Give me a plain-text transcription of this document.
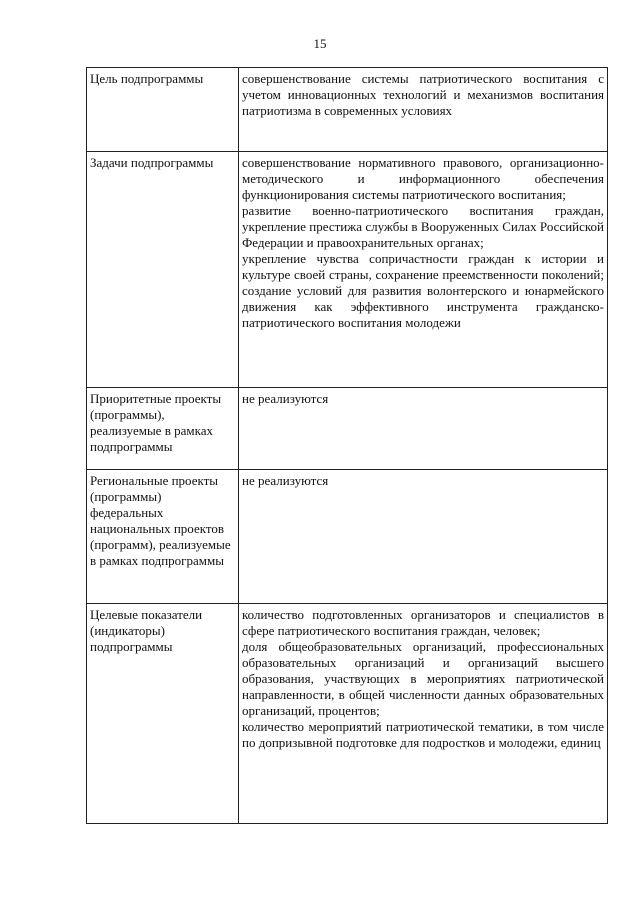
15
Цель подпрограммы	совершенствование системы патриотического воспитания с учетом инновационных технологий и механизмов воспитания патриотизма в современных условиях

Задачи подпрограммы	совершенствование нормативного правового, организационно-методического и информационного обеспечения функционирования системы патриотического воспитания;
развитие военно-патриотического воспитания граждан, укрепление престижа службы в Вооруженных Силах Российской Федерации и правоохранительных органах;
укрепление чувства сопричастности граждан к истории и культуре своей страны, сохранение преемственности поколений; создание условий для развития волонтерского и юнармейского движения как эффективного инструмента гражданско-патриотического воспитания молодежи

Приоритетные проекты (программы), реализуемые в рамках подпрограммы	не реализуются

Региональные проекты (программы) федеральных национальных проектов (программ), реализуемые в рамках подпрограммы	не реализуются

Целевые показатели (индикаторы) подпрограммы	количество подготовленных организаторов и специалистов в сфере патриотического воспитания граждан, человек;
доля общеобразовательных организаций, профессиональных образовательных организаций и организаций высшего образования, участвующих в мероприятиях патриотической направленности, в общей численности данных образовательных организаций, процентов;
количество мероприятий патриотической тематики, в том числе по допризывной подготовке для подростков и молодежи, единиц
